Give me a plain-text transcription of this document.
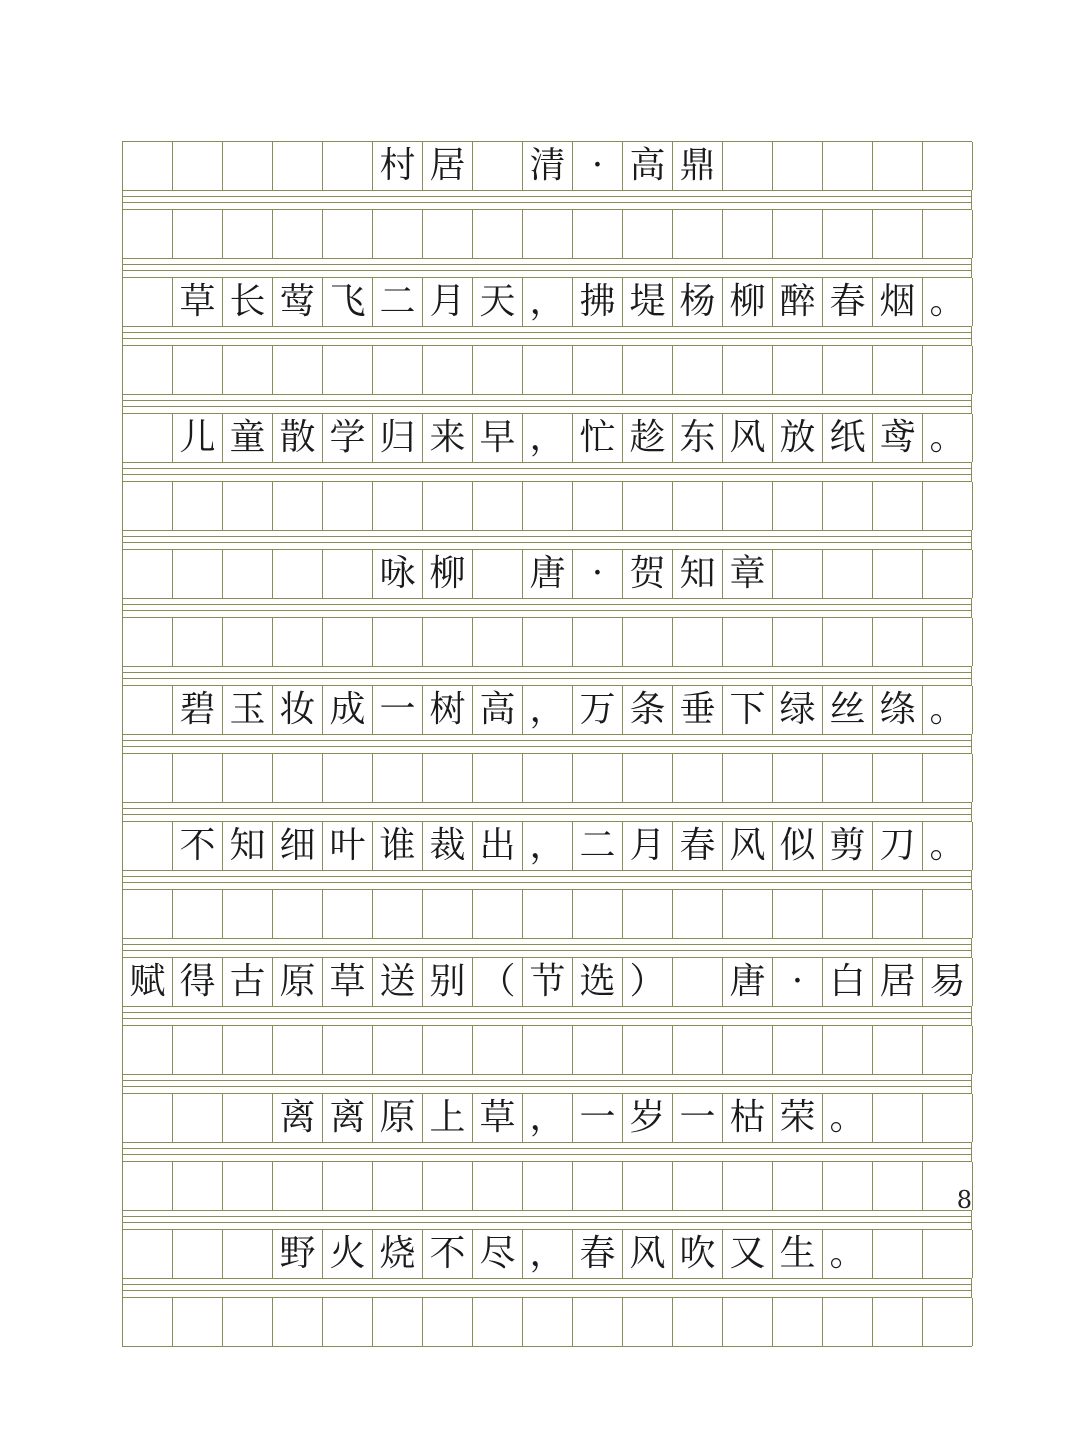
村 居 清 · 高 鼎
草 长 莺 飞 二 月 天 ， 拂 堤 杨 柳 醉 春 烟 。
儿 童 散 学 归 来 早 ， 忙 趁 东 风 放 纸 鸢 。
咏 柳 唐 · 贺 知 章
碧 玉 妆 成 一 树 高 ， 万 条 垂 下 绿 丝 绦 。
不 知 细 叶 谁 裁 出 ， 二 月 春 风 似 剪 刀 。
赋 得 古 原 草 送 别 （ 节 选 ） 唐 · 白 居 易
离 离 原 上 草 ， 一 岁 一 枯 荣 。
野 火 烧 不 尽 ， 春 风 吹 又 生 。
8
